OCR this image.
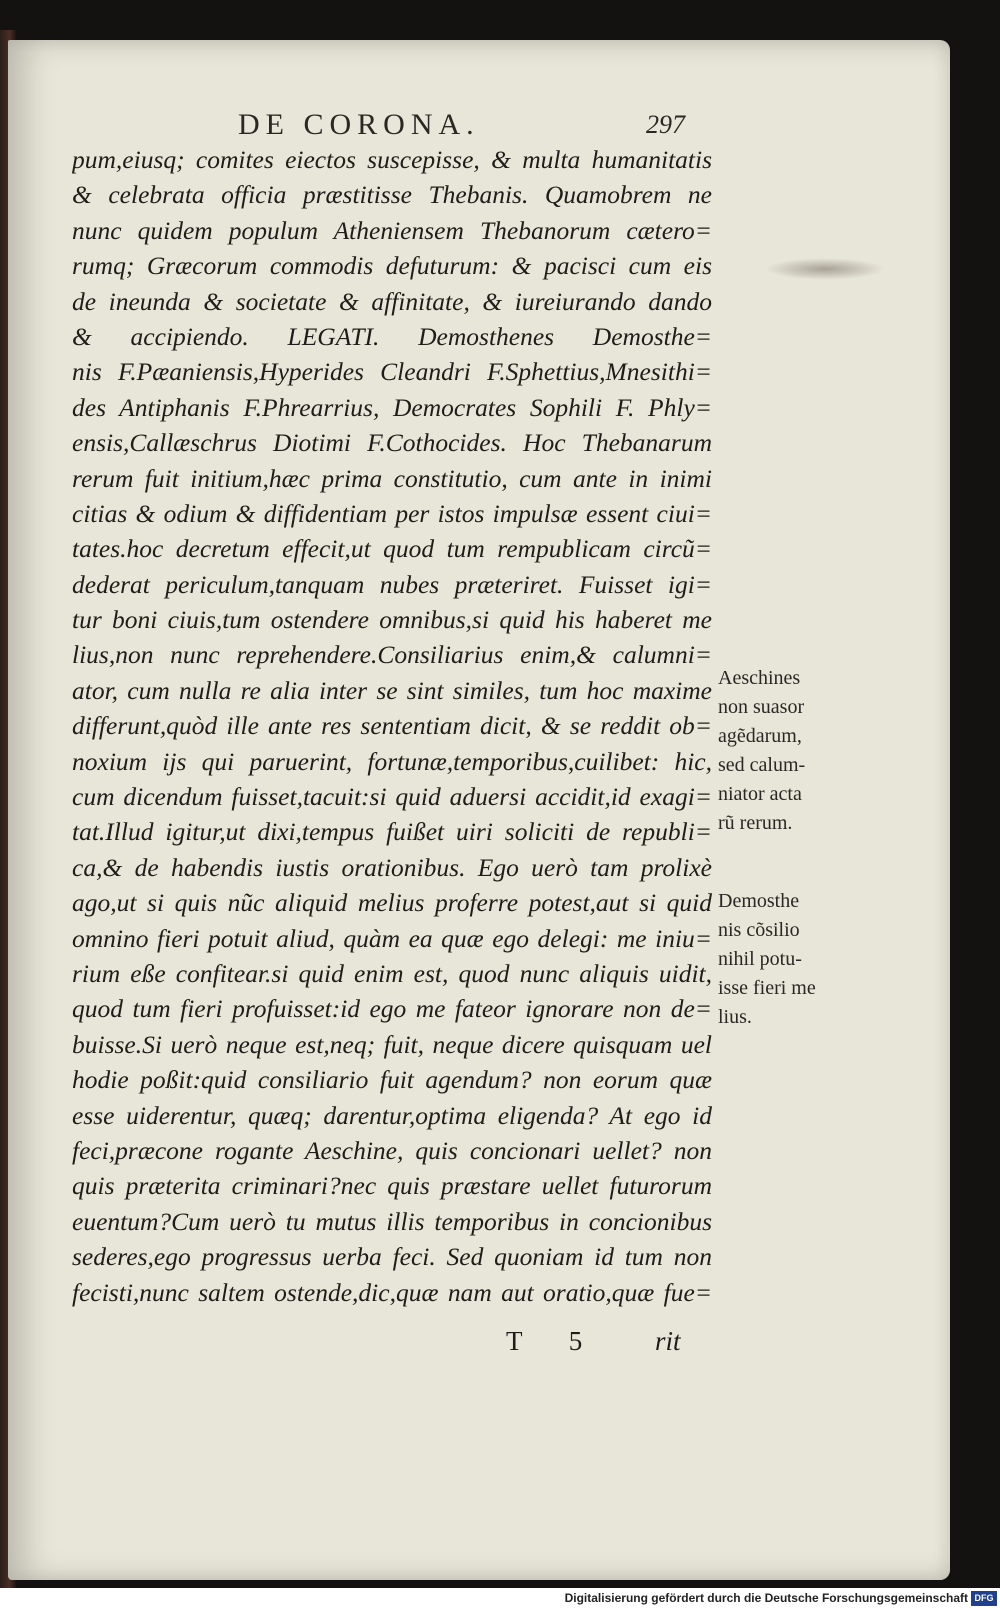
DE CORONA.	297
pum,eiusq; comites eiectos suscepisse, & multa humanitatis
& celebrata officia præstitisse Thebanis. Quamobrem ne
nunc quidem populum Atheniensem Thebanorum cætero=
rumq; Græcorum commodis defuturum: & pacisci cum eis
de ineunda & societate & affinitate, & iureiurando dando
& accipiendo. LEGATI. Demosthenes Demosthe=
nis F.Pæaniensis,Hyperides Cleandri F.Sphettius,Mnesithi=
des Antiphanis F.Phrearrius, Democrates Sophili F. Phly=
ensis,Callæschrus Diotimi F.Cothocides. Hoc Thebanarum
rerum fuit initium,hæc prima constitutio, cum ante in inimi
citias & odium & diffidentiam per istos impulsæ essent ciui=
tates.hoc decretum effecit,ut quod tum rempublicam circũ=
dederat periculum,tanquam nubes præteriret. Fuisset igi=
tur boni ciuis,tum ostendere omnibus,si quid his haberet me
lius,non nunc reprehendere.Consiliarius enim,& calumni=
ator, cum nulla re alia inter se sint similes, tum hoc maxime
differunt,quòd ille ante res sententiam dicit, & se reddit ob=
noxium ijs qui paruerint, fortunæ,temporibus,cuilibet: hic,
cum dicendum fuisset,tacuit:si quid aduersi accidit,id exagi=
tat.Illud igitur,ut dixi,tempus fuißet uiri soliciti de republi=
ca,& de habendis iustis orationibus. Ego uerò tam prolixè
ago,ut si quis nũc aliquid melius proferre potest,aut si quid
omnino fieri potuit aliud, quàm ea quæ ego delegi: me iniu=
rium eße confitear.si quid enim est, quod nunc aliquis uidit,
quod tum fieri profuisset:id ego me fateor ignorare non de=
buisse.Si uerò neque est,neq; fuit, neque dicere quisquam uel
hodie poßit:quid consiliario fuit agendum? non eorum quæ
esse uiderentur, quæq; darentur,optima eligenda? At ego id
feci,præcone rogante Aeschine, quis concionari uellet? non
quis præterita criminari?nec quis præstare uellet futurorum
euentum?Cum uerò tu mutus illis temporibus in concionibus
sederes,ego progressus uerba feci. Sed quoniam id tum non
fecisti,nunc saltem ostende,dic,quæ nam aut oratio,quæ fue=
T 5 rit
Aeschines
non suasor
agẽdarum,
sed calum-
niator acta
rũ rerum.
Demosthe
nis cõsilio
nihil potu-
isse fieri me
lius.
Digitalisierung gefördert durch die Deutsche Forschungsgemeinschaft DFG
